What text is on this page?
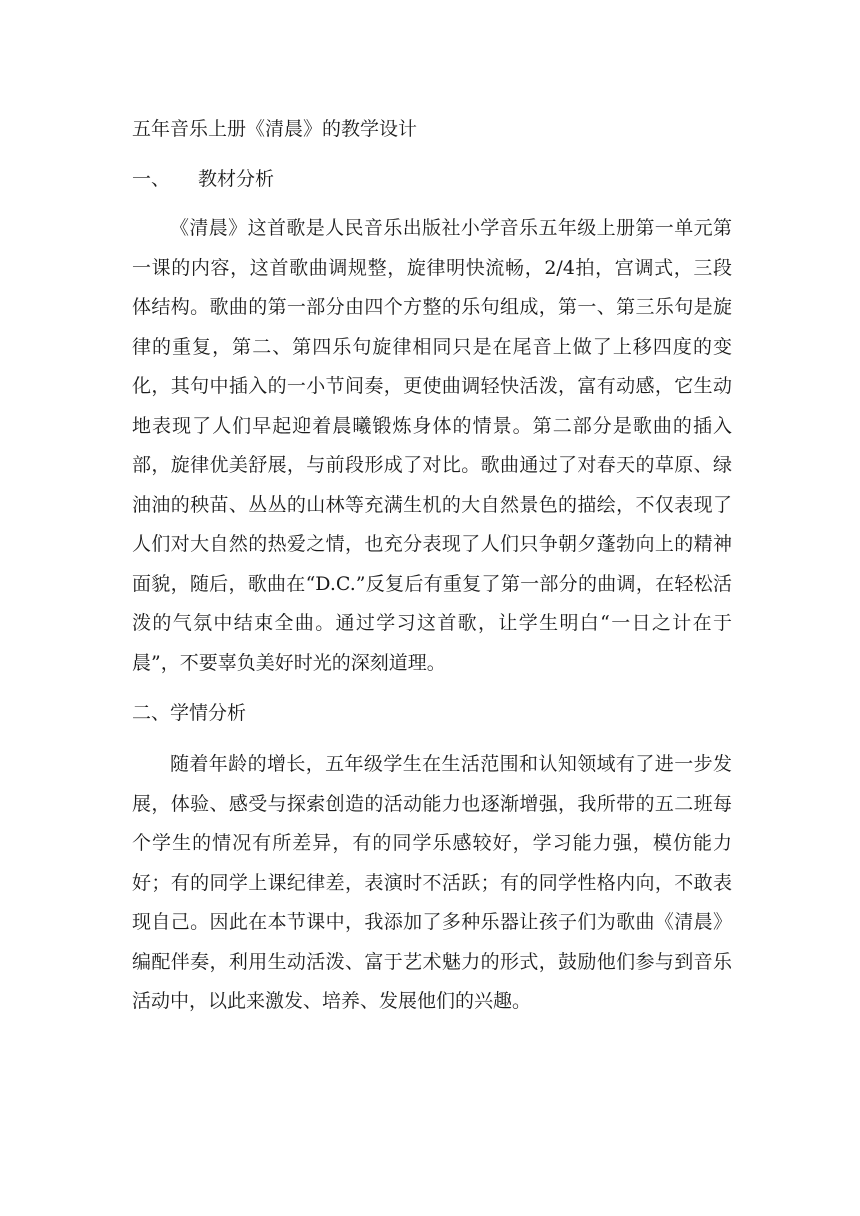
五年音乐上册《清晨》的教学设计

一、 教材分析

《清晨》这首歌是人民音乐出版社小学音乐五年级上册第一单元第一课的内容，这首歌曲调规整，旋律明快流畅，2/4拍，宫调式，三段体结构。歌曲的第一部分由四个方整的乐句组成，第一、第三乐句是旋律的重复，第二、第四乐句旋律相同只是在尾音上做了上移四度的变化，其句中插入的一小节间奏，更使曲调轻快活泼，富有动感，它生动地表现了人们早起迎着晨曦锻炼身体的情景。第二部分是歌曲的插入部，旋律优美舒展，与前段形成了对比。歌曲通过了对春天的草原、绿油油的秧苗、丛丛的山林等充满生机的大自然景色的描绘，不仅表现了人们对大自然的热爱之情，也充分表现了人们只争朝夕蓬勃向上的精神面貌，随后，歌曲在“D.C.”反复后有重复了第一部分的曲调，在轻松活泼的气氛中结束全曲。通过学习这首歌，让学生明白“一日之计在于晨”，不要辜负美好时光的深刻道理。

二、学情分析

随着年龄的增长，五年级学生在生活范围和认知领域有了进一步发展，体验、感受与探索创造的活动能力也逐渐增强，我所带的五二班每个学生的情况有所差异，有的同学乐感较好，学习能力强，模仿能力好；有的同学上课纪律差，表演时不活跃；有的同学性格内向，不敢表现自己。因此在本节课中，我添加了多种乐器让孩子们为歌曲《清晨》编配伴奏，利用生动活泼、富于艺术魅力的形式，鼓励他们参与到音乐活动中，以此来激发、培养、发展他们的兴趣。
